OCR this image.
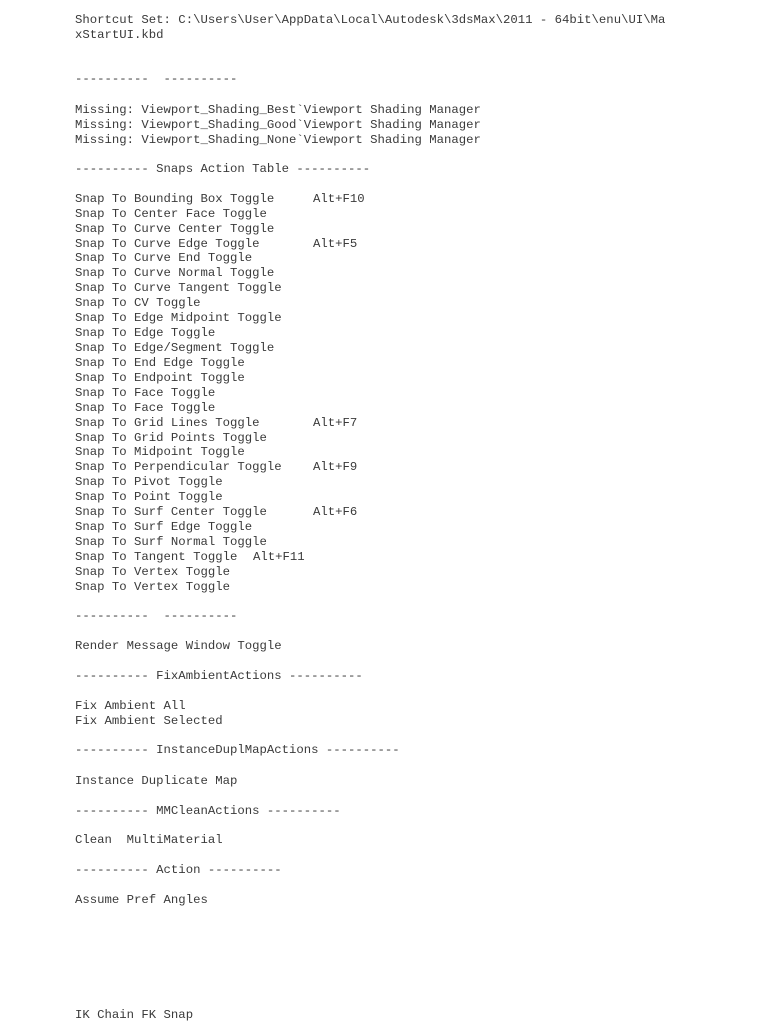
Shortcut Set: C:\Users\User\AppData\Local\Autodesk\3dsMax\2011 - 64bit\enu\UI\Ma
xStartUI.kbd
----------  ----------
Missing: Viewport_Shading_Best`Viewport Shading Manager
Missing: Viewport_Shading_Good`Viewport Shading Manager
Missing: Viewport_Shading_None`Viewport Shading Manager
---------- Snaps Action Table ----------
Snap To Bounding Box Toggle	Alt+F10
Snap To Center Face Toggle
Snap To Curve Center Toggle
Snap To Curve Edge Toggle	Alt+F5
Snap To Curve End Toggle
Snap To Curve Normal Toggle
Snap To Curve Tangent Toggle
Snap To CV Toggle
Snap To Edge Midpoint Toggle
Snap To Edge Toggle
Snap To Edge/Segment Toggle
Snap To End Edge Toggle
Snap To Endpoint Toggle
Snap To Face Toggle
Snap To Face Toggle
Snap To Grid Lines Toggle	Alt+F7
Snap To Grid Points Toggle
Snap To Midpoint Toggle
Snap To Perpendicular Toggle	Alt+F9
Snap To Pivot Toggle
Snap To Point Toggle
Snap To Surf Center Toggle	Alt+F6
Snap To Surf Edge Toggle
Snap To Surf Normal Toggle
Snap To Tangent Toggle Alt+F11
Snap To Vertex Toggle
Snap To Vertex Toggle
----------  ----------
Render Message Window Toggle
---------- FixAmbientActions ----------
Fix Ambient All
Fix Ambient Selected
---------- InstanceDuplMapActions ----------
Instance Duplicate Map
---------- MMCleanActions ----------
Clean  MultiMaterial
---------- Action ----------
Assume Pref Angles
IK Chain FK Snap
